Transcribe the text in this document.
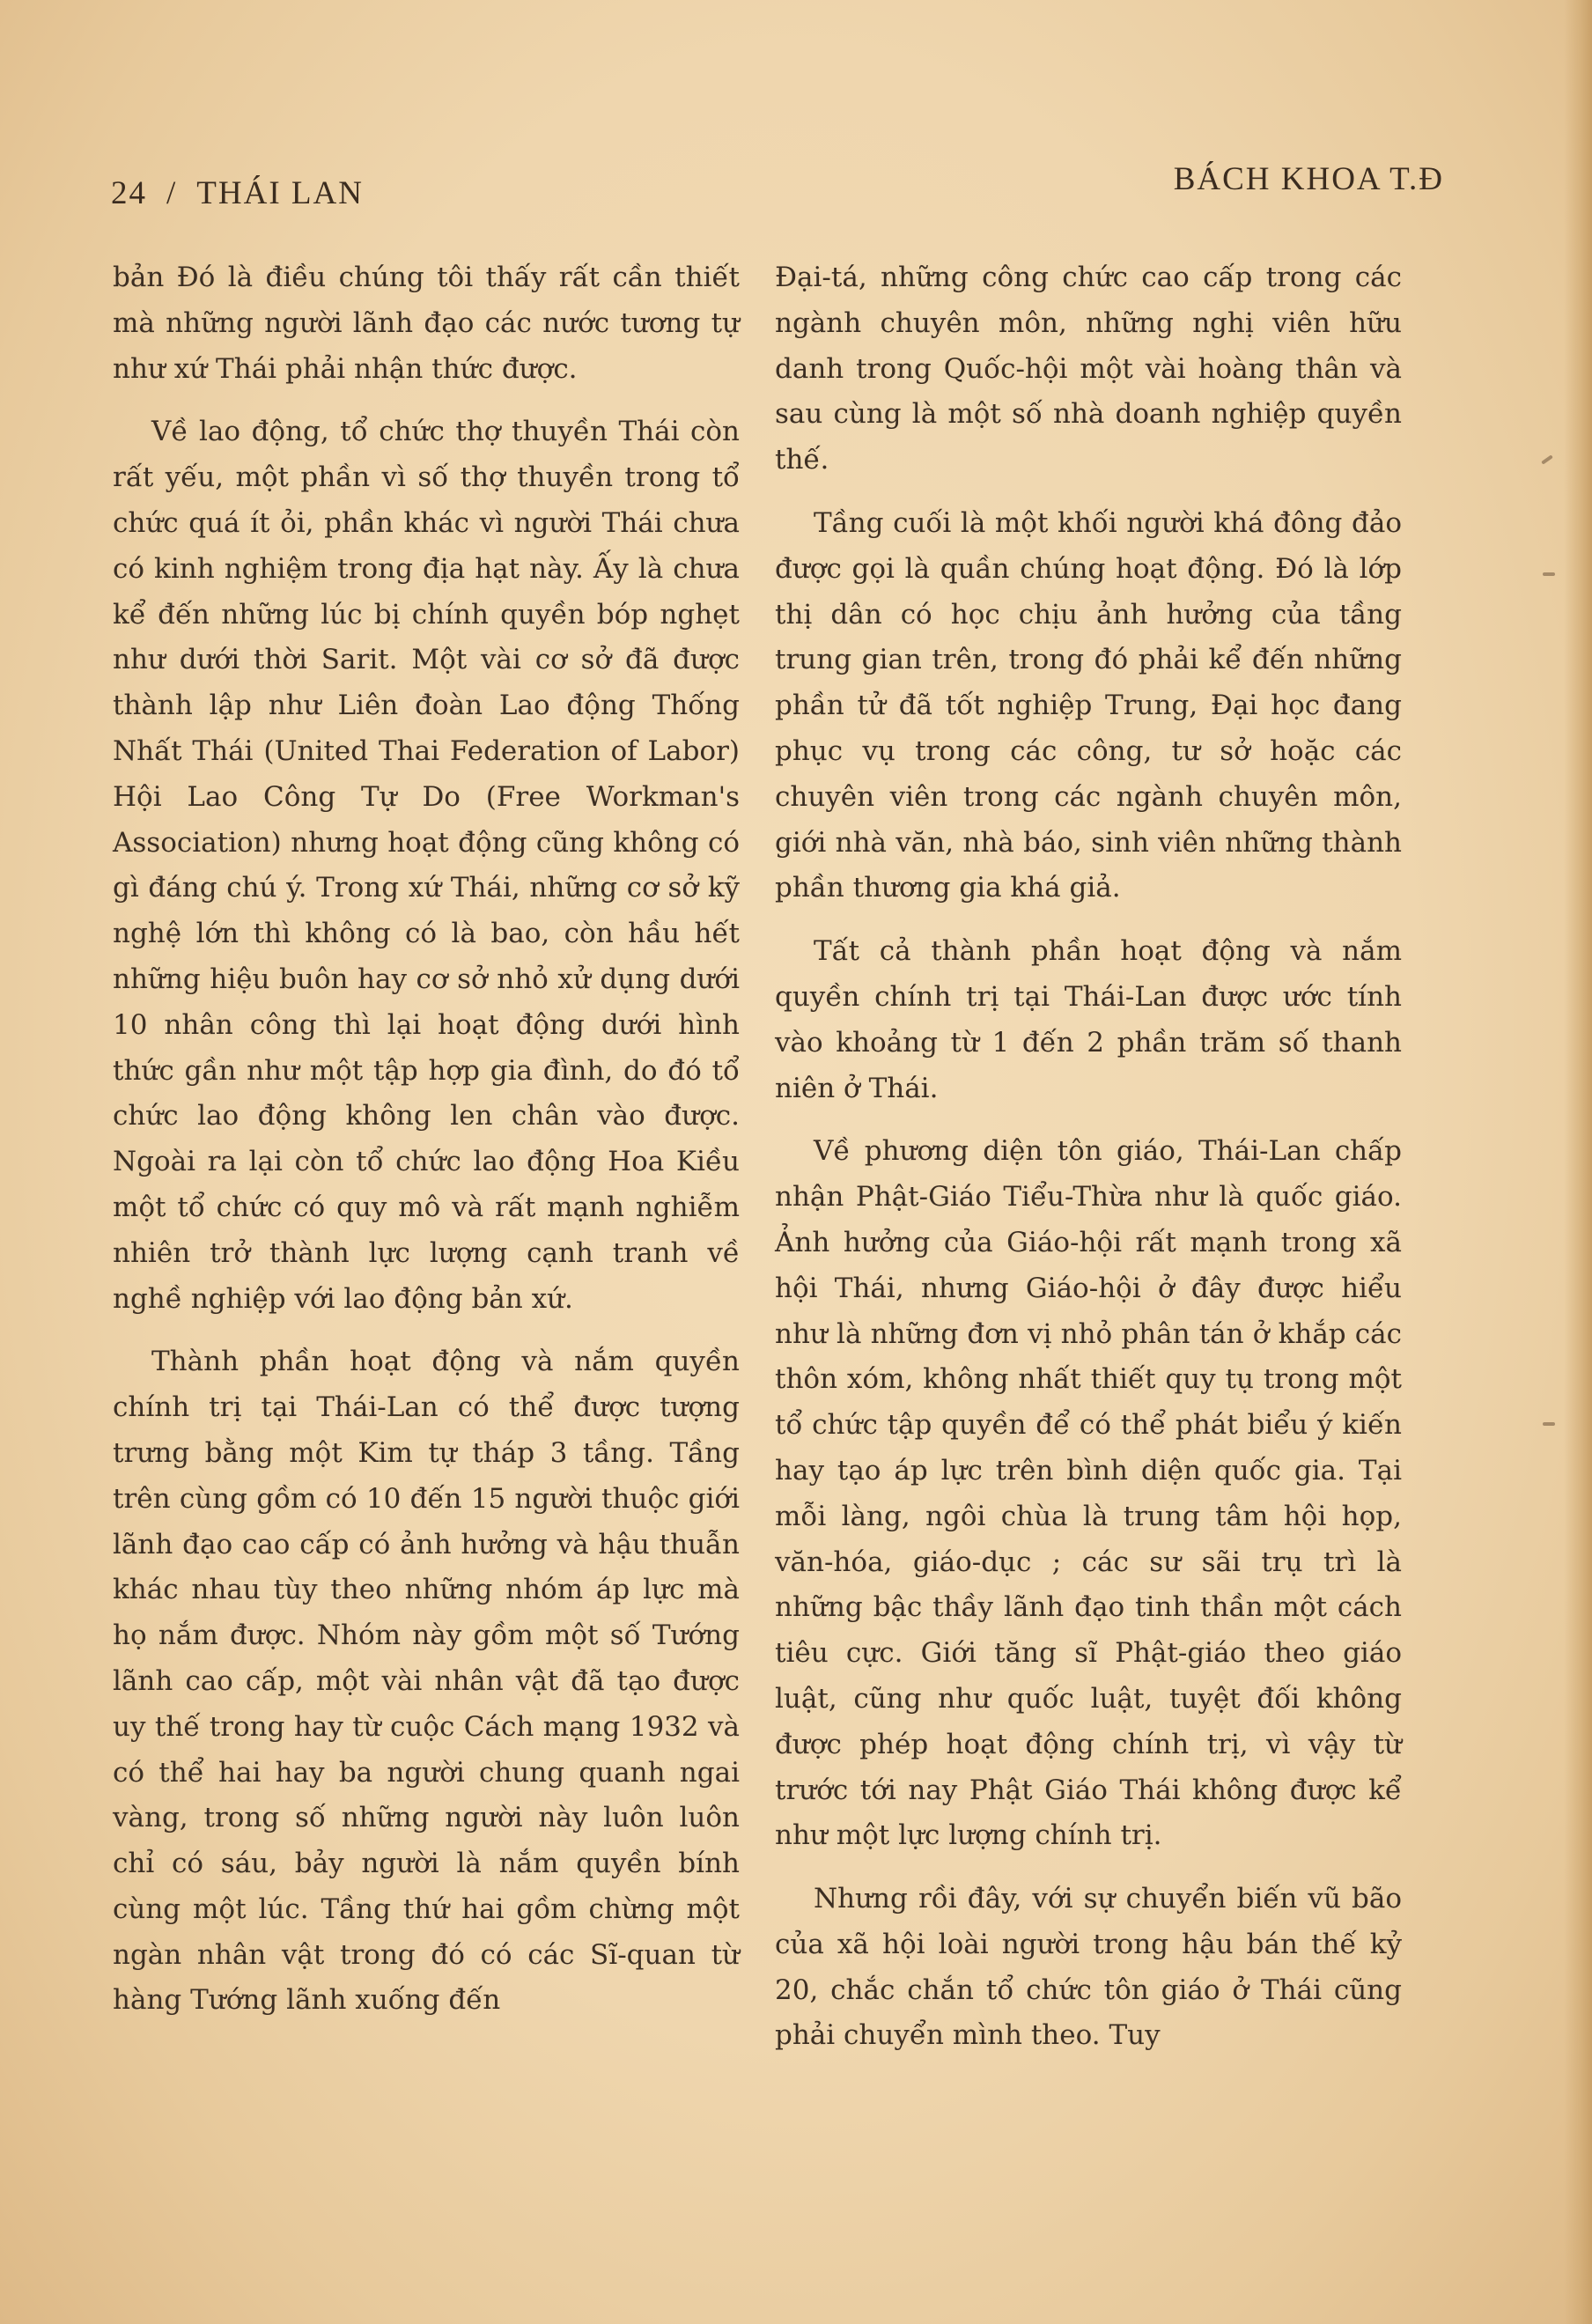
24 / THÁI LAN	BÁCH KHOA T.Đ

bản Đó là điều chúng tôi thấy rất cần thiết mà những người lãnh đạo các nước tương tự như xứ Thái phải nhận thức được.

Về lao động, tổ chức thợ thuyền Thái còn rất yếu, một phần vì số thợ thuyền trong tổ chức quá ít ỏi, phần khác vì người Thái chưa có kinh nghiệm trong địa hạt này. Ấy là chưa kể đến những lúc bị chính quyền bóp nghẹt như dưới thời Sarit. Một vài cơ sở đã được thành lập như Liên đoàn Lao động Thống Nhất Thái (United Thai Federation of Labor) Hội Lao Công Tự Do (Free Workman's Association) nhưng hoạt động cũng không có gì đáng chú ý. Trong xứ Thái, những cơ sở kỹ nghệ lớn thì không có là bao, còn hầu hết những hiệu buôn hay cơ sở nhỏ xử dụng dưới 10 nhân công thì lại hoạt động dưới hình thức gần như một tập hợp gia đình, do đó tổ chức lao động không len chân vào được. Ngoài ra lại còn tổ chức lao động Hoa Kiều một tổ chức có quy mô và rất mạnh nghiễm nhiên trở thành lực lượng cạnh tranh về nghề nghiệp với lao động bản xứ.

Thành phần hoạt động và nắm quyền chính trị tại Thái-Lan có thể được tượng trưng bằng một Kim tự tháp 3 tầng. Tầng trên cùng gồm có 10 đến 15 người thuộc giới lãnh đạo cao cấp có ảnh hưởng và hậu thuẫn khác nhau tùy theo những nhóm áp lực mà họ nắm được. Nhóm này gồm một số Tướng lãnh cao cấp, một vài nhân vật đã tạo được uy thế trong hay từ cuộc Cách mạng 1932 và có thể hai hay ba người chung quanh ngai vàng, trong số những người này luôn luôn chỉ có sáu, bảy người là nắm quyền bính cùng một lúc. Tầng thứ hai gồm chừng một ngàn nhân vật trong đó có các Sĩ-quan từ hàng Tướng lãnh xuống đến

Đại-tá, những công chức cao cấp trong các ngành chuyên môn, những nghị viên hữu danh trong Quốc-hội một vài hoàng thân và sau cùng là một số nhà doanh nghiệp quyền thế.

Tầng cuối là một khối người khá đông đảo được gọi là quần chúng hoạt động. Đó là lớp thị dân có học chịu ảnh hưởng của tầng trung gian trên, trong đó phải kể đến những phần tử đã tốt nghiệp Trung, Đại học đang phục vụ trong các công, tư sở hoặc các chuyên viên trong các ngành chuyên môn, giới nhà văn, nhà báo, sinh viên những thành phần thương gia khá giả.

Tất cả thành phần hoạt động và nắm quyền chính trị tại Thái-Lan được ước tính vào khoảng từ 1 đến 2 phần trăm số thanh niên ở Thái.

Về phương diện tôn giáo, Thái-Lan chấp nhận Phật-Giáo Tiểu-Thừa như là quốc giáo. Ảnh hưởng của Giáo-hội rất mạnh trong xã hội Thái, nhưng Giáo-hội ở đây được hiểu như là những đơn vị nhỏ phân tán ở khắp các thôn xóm, không nhất thiết quy tụ trong một tổ chức tập quyền để có thể phát biểu ý kiến hay tạo áp lực trên bình diện quốc gia. Tại mỗi làng, ngôi chùa là trung tâm hội họp, văn-hóa, giáo-dục ; các sư sãi trụ trì là những bậc thầy lãnh đạo tinh thần một cách tiêu cực. Giới tăng sĩ Phật-giáo theo giáo luật, cũng như quốc luật, tuyệt đối không được phép hoạt động chính trị, vì vậy từ trước tới nay Phật Giáo Thái không được kể như một lực lượng chính trị.

Nhưng rồi đây, với sự chuyển biến vũ bão của xã hội loài người trong hậu bán thế kỷ 20, chắc chắn tổ chức tôn giáo ở Thái cũng phải chuyển mình theo. Tuy
